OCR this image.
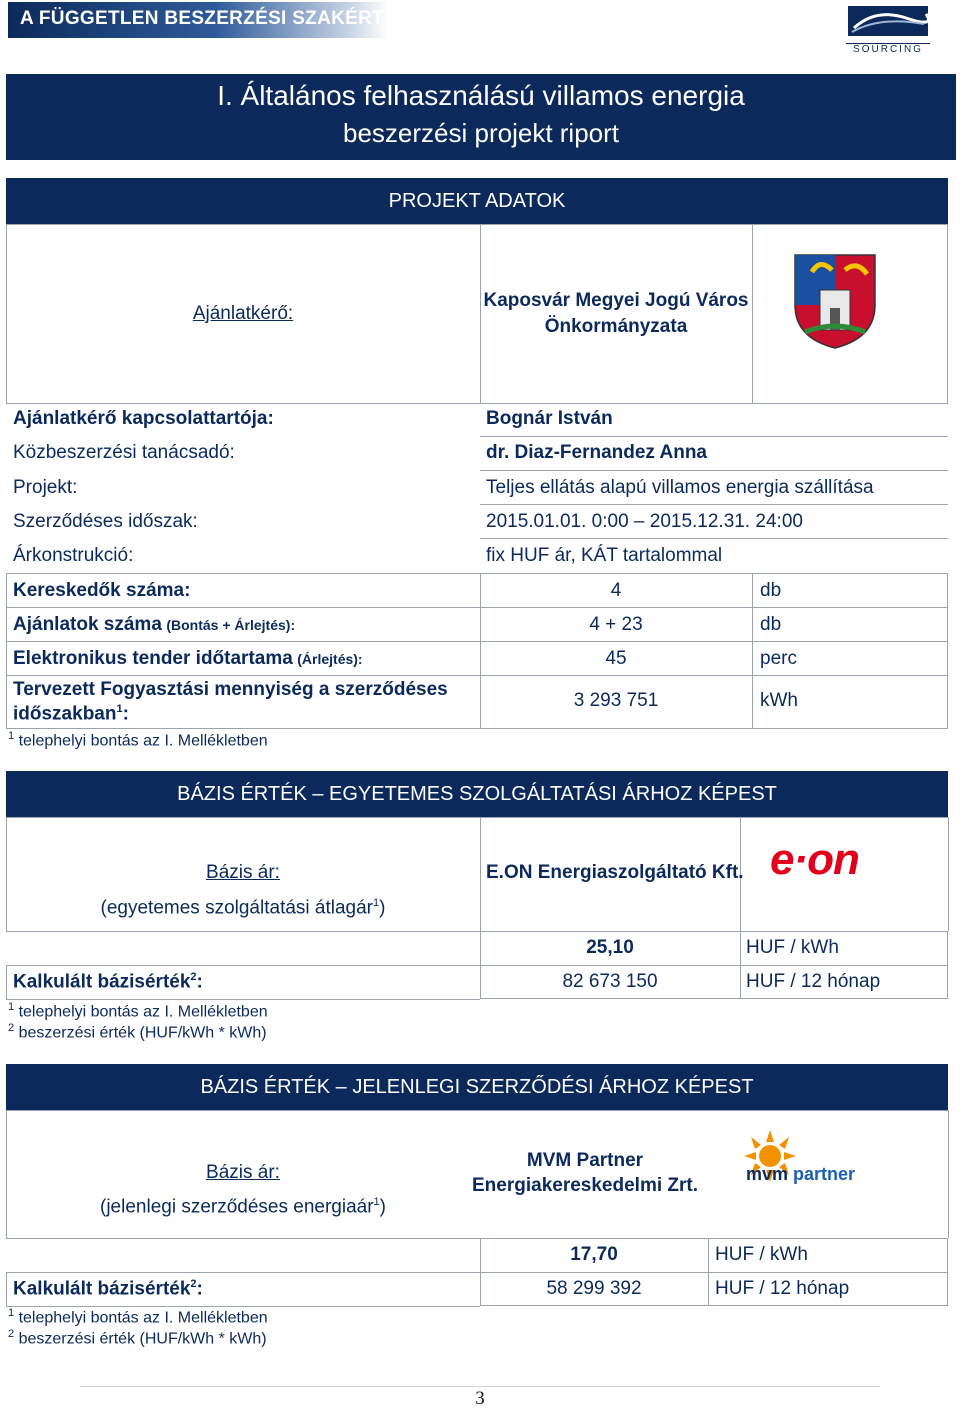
A FÜGGETLEN BESZERZÉSI SZAKÉRTŐ
SOURCING
I. Általános felhasználású villamos energia
beszerzési projekt riport
PROJEKT ADATOK
Ajánlatkérő:
Kaposvár Megyei Jogú Város
Önkormányzata
Ajánlatkérő kapcsolattartója:	Bognár István
Közbeszerzési tanácsadó:	dr. Diaz-Fernandez Anna
Projekt:	Teljes ellátás alapú villamos energia szállítása
Szerződéses időszak:	2015.01.01. 0:00 – 2015.12.31. 24:00
Árkonstrukció:	fix HUF ár, KÁT tartalommal
Kereskedők száma:	4	db
Ajánlatok száma (Bontás + Árlejtés):	4 + 23	db
Elektronikus tender időtartama (Árlejtés):	45	perc
Tervezett Fogyasztási mennyiség a szerződéses
időszakban$^1$:
3 293 751	kWh
$^1$ telephelyi bontás az I. Mellékletben
BÁZIS ÉRTÉK – EGYETEMES SZOLGÁLTATÁSI ÁRHOZ KÉPEST
Bázis ár:
(egyetemes szolgáltatási átlagár$^1$)
E.ON Energiaszolgáltató Kft. e·on
25,10	HUF / kWh
Kalkulált bázisérték$^2$:	82 673 150	HUF / 12 hónap
$^1$ telephelyi bontás az I. Mellékletben
$^2$ beszerzési érték (HUF/kWh * kWh)
BÁZIS ÉRTÉK – JELENLEGI SZERZŐDÉSI ÁRHOZ KÉPEST
Bázis ár:
(jelenlegi szerződéses energiaár$^1$)
MVM Partner
Energiakereskedelmi Zrt.
mvm partner
17,70	HUF / kWh
Kalkulált bázisérték$^2$:	58 299 392	HUF / 12 hónap
$^1$ telephelyi bontás az I. Mellékletben
$^2$ beszerzési érték (HUF/kWh * kWh)
3
